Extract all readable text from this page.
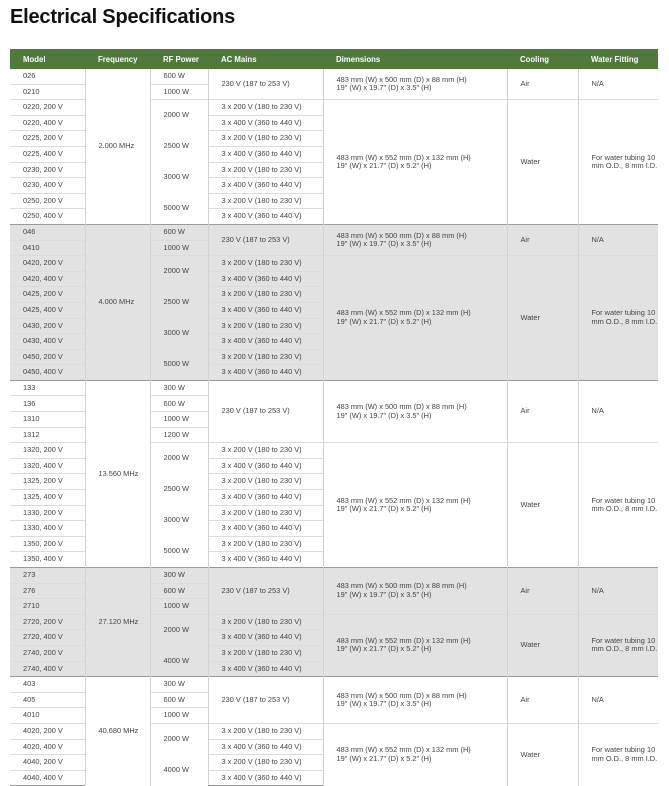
Electrical Specifications
Model	Frequency	RF Power	AC Mains	Dimensions	Cooling	Water Fitting
026	2.000 MHz	600 W	230 V (187 to 253 V)	483 mm (W) x 500 mm (D) x 88 mm (H)
19" (W) x 19.7" (D) x 3.5" (H)	Air	N/A
0210		1000 W				
0220, 200 V		2000 W	3 x 200 V (180 to 230 V)	483 mm (W) x 552 mm (D) x 132 mm (H)
19" (W) x 21.7" (D) x 5.2" (H)	Water	For water tubing 10 mm O.D., 8 mm I.D.
0220, 400 V			3 x 400 V (360 to 440 V)			
0225, 200 V		2500 W	3 x 200 V (180 to 230 V)			
0225, 400 V			3 x 400 V (360 to 440 V)			
0230, 200 V		3000 W	3 x 200 V (180 to 230 V)			
0230, 400 V			3 x 400 V (360 to 440 V)			
0250, 200 V		5000 W	3 x 200 V (180 to 230 V)			
0250, 400 V			3 x 400 V (360 to 440 V)			
046	4.000 MHz	600 W	230 V (187 to 253 V)	483 mm (W) x 500 mm (D) x 88 mm (H)
19" (W) x 19.7" (D) x 3.5" (H)	Air	N/A
0410		1000 W				
0420, 200 V		2000 W	3 x 200 V (180 to 230 V)	483 mm (W) x 552 mm (D) x 132 mm (H)
19" (W) x 21.7" (D) x 5.2" (H)	Water	For water tubing 10 mm O.D., 8 mm I.D.
0420, 400 V			3 x 400 V (360 to 440 V)			
0425, 200 V		2500 W	3 x 200 V (180 to 230 V)			
0425, 400 V			3 x 400 V (360 to 440 V)			
0430, 200 V		3000 W	3 x 200 V (180 to 230 V)			
0430, 400 V			3 x 400 V (360 to 440 V)			
0450, 200 V		5000 W	3 x 200 V (180 to 230 V)			
0450, 400 V			3 x 400 V (360 to 440 V)			
133	13.560 MHz	300 W	230 V (187 to 253 V)	483 mm (W) x 500 mm (D) x 88 mm (H)
19" (W) x 19.7" (D) x 3.5" (H)	Air	N/A
136		600 W				
1310		1000 W				
1312		1200 W				
1320, 200 V		2000 W	3 x 200 V (180 to 230 V)	483 mm (W) x 552 mm (D) x 132 mm (H)
19" (W) x 21.7" (D) x 5.2" (H)	Water	For water tubing 10 mm O.D., 8 mm I.D.
1320, 400 V			3 x 400 V (360 to 440 V)			
1325, 200 V		2500 W	3 x 200 V (180 to 230 V)			
1325, 400 V			3 x 400 V (360 to 440 V)			
1330, 200 V		3000 W	3 x 200 V (180 to 230 V)			
1330, 400 V			3 x 400 V (360 to 440 V)			
1350, 200 V		5000 W	3 x 200 V (180 to 230 V)			
1350, 400 V			3 x 400 V (360 to 440 V)			
273	27.120 MHz	300 W	230 V (187 to 253 V)	483 mm (W) x 500 mm (D) x 88 mm (H)
19" (W) x 19.7" (D) x 3.5" (H)	Air	N/A
276		600 W				
2710		1000 W				
2720, 200 V		2000 W	3 x 200 V (180 to 230 V)	483 mm (W) x 552 mm (D) x 132 mm (H)
19" (W) x 21.7" (D) x 5.2" (H)	Water	For water tubing 10 mm O.D., 8 mm I.D.
2720, 400 V			3 x 400 V (360 to 440 V)			
2740, 200 V		4000 W	3 x 200 V (180 to 230 V)			
2740, 400 V			3 x 400 V (360 to 440 V)			
403	40.680 MHz	300 W	230 V (187 to 253 V)	483 mm (W) x 500 mm (D) x 88 mm (H)
19" (W) x 19.7" (D) x 3.5" (H)	Air	N/A
405		600 W				
4010		1000 W				
4020, 200 V		2000 W	3 x 200 V (180 to 230 V)	483 mm (W) x 552 mm (D) x 132 mm (H)
19" (W) x 21.7" (D) x 5.2" (H)	Water	For water tubing 10 mm O.D., 8 mm I.D.
4020, 400 V			3 x 400 V (360 to 440 V)			
4040, 200 V		4000 W	3 x 200 V (180 to 230 V)			
4040, 400 V			3 x 400 V (360 to 440 V)			
